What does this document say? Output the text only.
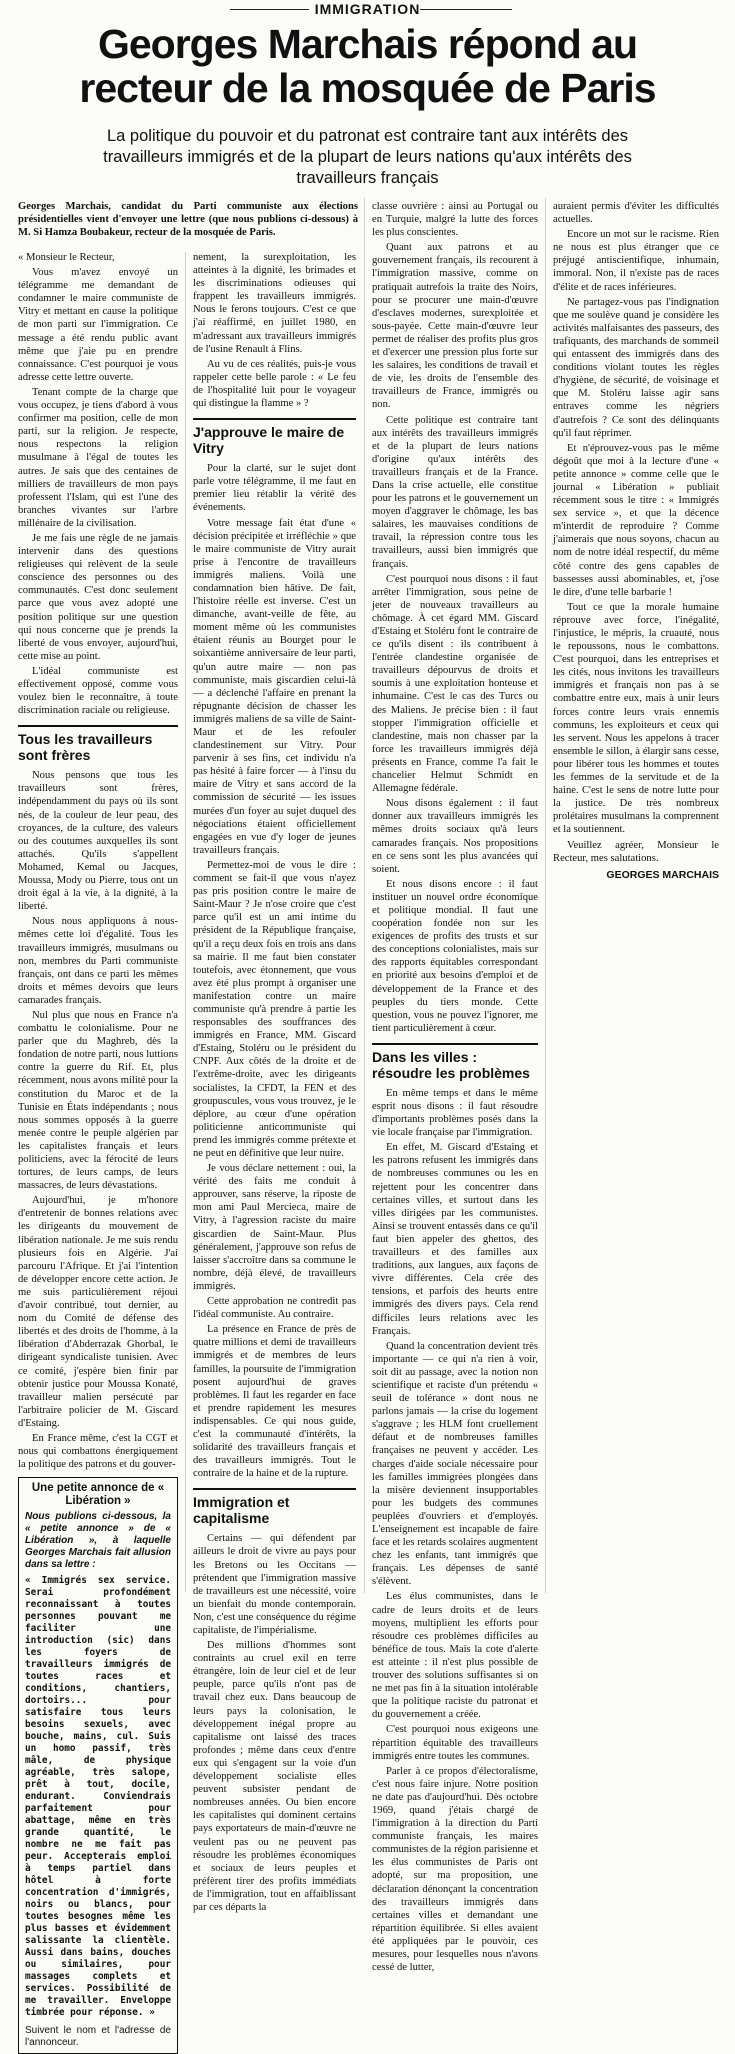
IMMIGRATION
Georges Marchais répond au recteur de la mosquée de Paris
La politique du pouvoir et du patronat est contraire tant aux intérêts des travailleurs immigrés et de la plupart de leurs nations qu'aux intérêts des travailleurs français
Georges Marchais, candidat du Parti communiste aux élections présidentielles vient d'envoyer une lettre (que nous publions ci-dessous) à M. Si Hamza Boubakeur, recteur de la mosquée de Paris.

« Monsieur le Recteur,

Vous m'avez envoyé un télégramme me demandant de condamner le maire communiste de Vitry et mettant en cause la politique de mon parti sur l'immigration. Ce message a été rendu public avant même que j'aie pu en prendre connaissance. C'est pourquoi je vous adresse cette lettre ouverte.

Tenant compte de la charge que vous occupez, je tiens d'abord à vous confirmer ma position, celle de mon parti, sur la religion. Je respecte, nous respectons la religion musulmane à l'égal de toutes les autres. Je sais que des centaines de milliers de travailleurs de mon pays professent l'Islam, qui est l'une des branches vivantes sur l'arbre millénaire de la civilisation.

Je me fais une règle de ne jamais intervenir dans des questions religieuses qui relèvent de la seule conscience des personnes ou des communautés. C'est donc seulement parce que vous avez adopté une position politique sur une question qui nous concerne que je prends la liberté de vous envoyer, aujourd'hui, cette mise au point.

L'idéal communiste est effectivement opposé, comme vous voulez bien le reconnaître, à toute discrimination raciale ou religieuse.

Tous les travailleurs sont frères

Nous pensons que tous les travailleurs sont frères, indépendamment du pays où ils sont nés, de la couleur de leur peau, des croyances, de la culture, des valeurs ou des coutumes auxquelles ils sont attachés. Qu'ils s'appellent Mohamed, Kemal ou Jacques, Moussa, Mody ou Pierre, tous ont un droit égal à la vie, à la dignité, à la liberté.

Nous nous appliquons à nous-mêmes cette loi d'égalité. Tous les travailleurs immigrés, musulmans ou non, membres du Parti communiste français, ont dans ce parti les mêmes droits et mêmes devoirs que leurs camarades français.

Nul plus que nous en France n'a combattu le colonialisme. Pour ne parler que du Maghreb, dès la fondation de notre parti, nous luttions contre la guerre du Rif. Et, plus récemment, nous avons milité pour la constitution du Maroc et de la Tunisie en États indépendants ; nous nous sommes opposés à la guerre menée contre le peuple algérien par les capitalistes français et leurs politiciens, avec la férocité de leurs tortures, de leurs camps, de leurs massacres, de leurs dévastations.

Aujourd'hui, je m'honore d'entretenir de bonnes relations avec les dirigeants du mouvement de libération nationale. Je me suis rendu plusieurs fois en Algérie. J'ai parcouru l'Afrique. Et j'ai l'intention de développer encore cette action. Je me suis particulièrement réjoui d'avoir contribué, tout dernier, au nom du Comité de défense des libertés et des droits de l'homme, à la libération d'Abderrazak Ghorbal, le dirigeant syndicaliste tunisien. Avec ce comité, j'espère bien finir par obtenir justice pour Moussa Konaté, travailleur malien persécuté par l'arbitraire policier de M. Giscard d'Estaing.

En France même, c'est la CGT et nous qui combattons énergiquement la politique des patrons et du gouver-

Une petite annonce de « Libération »
Nous publions ci-dessous, la « petite annonce » de « Libération », à laquelle Georges Marchais fait allusion dans sa lettre :
« Immigrés sex service. Serai profondément reconnaissant à toutes personnes pouvant me faciliter une introduction (sic) dans les foyers de travailleurs immigrés de toutes races et conditions, chantiers, dortoirs... pour satisfaire tous leurs besoins sexuels, avec bouche, mains, cul. Suis un homo passif, très mâle, de physique agréable, très salope, prêt à tout, docile, endurant. Conviendrais parfaitement pour abattage, même en très grande quantité, le nombre ne me fait pas peur. Accepterais emploi à temps partiel dans hôtel à forte concentration d'immigrés, noirs ou blancs, pour toutes besognes même les plus basses et évidemment salissante la clientèle. Aussi dans bains, douches ou similaires, pour massages complets et services. Possibilité de me travailler. Enveloppe timbrée pour réponse. »
Suivent le nom et l'adresse de l'annonceur.

nement, la surexploitation, les atteintes à la dignité, les brimades et les discriminations odieuses qui frappent les travailleurs immigrés. Nous le ferons toujours. C'est ce que j'ai réaffirmé, en juillet 1980, en m'adressant aux travailleurs immigrés de l'usine Renault à Flins.

Au vu de ces réalités, puis-je vous rappeler cette belle parole : « Le feu de l'hospitalité luit pour le voyageur qui distingue la flamme » ?

J'approuve le maire de Vitry

Pour la clarté, sur le sujet dont parle votre télégramme, il me faut en premier lieu rétablir la vérité des événements.

Votre message fait état d'une « décision précipitée et irréfléchie » que le maire communiste de Vitry aurait prise à l'encontre de travailleurs immigrés maliens. Voilà une condamnation bien hâtive. De fait, l'histoire réelle est inverse. C'est un dimanche, avant-veille de fête, au moment même où les communistes étaient réunis au Bourget pour le soixantième anniversaire de leur parti, qu'un autre maire — non pas communiste, mais giscardien celui-là — a déclenché l'affaire en prenant la répugnante décision de chasser les immigrés maliens de sa ville de Saint-Maur et de les refouler clandestinement sur Vitry. Pour parvenir à ses fins, cet individu n'a pas hésité à faire forcer — à l'insu du maire de Vitry et sans accord de la commission de sécurité — les issues murées d'un foyer au sujet duquel des négociations étaient officiellement engagées en vue d'y loger de jeunes travailleurs français.

Permettez-moi de vous le dire : comment se fait-il que vous n'ayez pas pris position contre le maire de Saint-Maur ? Je n'ose croire que c'est parce qu'il est un ami intime du président de la République française, qu'il a reçu deux fois en trois ans dans sa mairie. Il me faut bien constater toutefois, avec étonnement, que vous avez été plus prompt à organiser une manifestation contre un maire communiste qu'à prendre à partie les responsables des souffrances des immigrés en France, MM. Giscard d'Estaing, Stoléru ou le président du CNPF. Aux côtés de la droite et de l'extrême-droite, avec les dirigeants socialistes, la CFDT, la FEN et des groupuscules, vous vous trouvez, je le déplore, au cœur d'une opération politicienne anticommuniste qui prend les immigrés comme prétexte et ne peut en définitive que leur nuire.

Je vous déclare nettement : oui, la vérité des faits me conduit à approuver, sans réserve, la riposte de mon ami Paul Mercieca, maire de Vitry, à l'agression raciste du maire giscardien de Saint-Maur. Plus généralement, j'approuve son refus de laisser s'accroître dans sa commune le nombre, déjà élevé, de travailleurs immigrés.

Cette approbation ne contredit pas l'idéal communiste. Au contraire.

La présence en France de près de quatre millions et demi de travailleurs immigrés et de membres de leurs familles, la poursuite de l'immigration posent aujourd'hui de graves problèmes. Il faut les regarder en face et prendre rapidement les mesures indispensables. Ce qui nous guide, c'est la communauté d'intérêts, la solidarité des travailleurs français et des travailleurs immigrés. Tout le contraire de la haine et de la rupture.

Immigration et capitalisme

Certains — qui défendent par ailleurs le droit de vivre au pays pour les Bretons ou les Occitans — prétendent que l'immigration massive de travailleurs est une nécessité, voire un bienfait du monde contemporain. Non, c'est une conséquence du régime capitaliste, de l'impérialisme.

Des millions d'hommes sont contraints au cruel exil en terre étrangère, loin de leur ciel et de leur peuple, parce qu'ils n'ont pas de travail chez eux. Dans beaucoup de leurs pays la colonisation, le développement inégal propre au capitalisme ont laissé des traces profondes ; même dans ceux d'entre eux qui s'engagent sur la voie d'un développement socialiste elles peuvent subsister pendant de nombreuses années. Ou bien encore les capitalistes qui dominent certains pays exportateurs de main-d'œuvre ne veulent pas ou ne peuvent pas résoudre les problèmes économiques et sociaux de leurs peuples et préfèrent tirer des profits immédiats de l'immigration, tout en affaiblissant par ces départs la

classe ouvrière : ainsi au Portugal ou en Turquie, malgré la lutte des forces les plus conscientes.

Quant aux patrons et au gouvernement français, ils recourent à l'immigration massive, comme on pratiquait autrefois la traite des Noirs, pour se procurer une main-d'œuvre d'esclaves modernes, surexploitée et sous-payée. Cette main-d'œuvre leur permet de réaliser des profits plus gros et d'exercer une pression plus forte sur les salaires, les conditions de travail et de vie, les droits de l'ensemble des travailleurs de France, immigrés ou non.

Cette politique est contraire tant aux intérêts des travailleurs immigrés et de la plupart de leurs nations d'origine qu'aux intérêts des travailleurs français et de la France. Dans la crise actuelle, elle constitue pour les patrons et le gouvernement un moyen d'aggraver le chômage, les bas salaires, les mauvaises conditions de travail, la répression contre tous les travailleurs, aussi bien immigrés que français.

C'est pourquoi nous disons : il faut arrêter l'immigration, sous peine de jeter de nouveaux travailleurs au chômage. À cet égard MM. Giscard d'Estaing et Stoléru font le contraire de ce qu'ils disent : ils contribuent à l'entrée clandestine organisée de travailleurs dépourvus de droits et soumis à une exploitation honteuse et inhumaine. C'est le cas des Turcs ou des Maliens. Je précise bien : il faut stopper l'immigration officielle et clandestine, mais non chasser par la force les travailleurs immigrés déjà présents en France, comme l'a fait le chancelier Helmut Schmidt en Allemagne fédérale.

Nous disons également : il faut donner aux travailleurs immigrés les mêmes droits sociaux qu'à leurs camarades français. Nos propositions en ce sens sont les plus avancées qui soient.

Et nous disons encore : il faut instituer un nouvel ordre économique et politique mondial. Il faut une coopération fondée non sur les exigences de profits des trusts et sur des conceptions colonialistes, mais sur des rapports équitables correspondant en priorité aux besoins d'emploi et de développement de la France et des peuples du tiers monde. Cette question, vous ne pouvez l'ignorer, me tient particulièrement à cœur.

Dans les villes : résoudre les problèmes

En même temps et dans le même esprit nous disons : il faut résoudre d'importants problèmes posés dans la vie locale française par l'immigration.

En effet, M. Giscard d'Estaing et les patrons refusent les immigrés dans de nombreuses communes ou les en rejettent pour les concentrer dans certaines villes, et surtout dans les villes dirigées par les communistes. Ainsi se trouvent entassés dans ce qu'il faut bien appeler des ghettos, des travailleurs et des familles aux traditions, aux langues, aux façons de vivre différentes. Cela crée des tensions, et parfois des heurts entre immigrés des divers pays. Cela rend difficiles leurs relations avec les Français.

Quand la concentration devient très importante — ce qui n'a rien à voir, soit dit au passage, avec la notion non scientifique et raciste d'un prétendu « seuil de tolérance » dont nous ne parlons jamais — la crise du logement s'aggrave ; les HLM font cruellement défaut et de nombreuses familles françaises ne peuvent y accéder. Les charges d'aide sociale nécessaire pour les familles immigrées plongées dans la misère deviennent insupportables pour les budgets des communes peuplées d'ouvriers et d'employés. L'enseignement est incapable de faire face et les retards scolaires augmentent chez les enfants, tant immigrés que français. Les dépenses de santé s'élèvent.

Les élus communistes, dans le cadre de leurs droits et de leurs moyens, multiplient les efforts pour résoudre ces problèmes difficiles au bénéfice de tous. Mais la cote d'alerte est atteinte : il n'est plus possible de trouver des solutions suffisantes si on ne met pas fin à la situation intolérable que la politique raciste du patronat et du gouvernement a créée.

C'est pourquoi nous exigeons une répartition équitable des travailleurs immigrés entre toutes les communes.

Parler à ce propos d'électoralisme, c'est nous faire injure. Notre position ne date pas d'aujourd'hui. Dès octobre 1969, quand j'étais chargé de l'immigration à la direction du Parti communiste français, les maires communistes de la région parisienne et les élus communistes de Paris ont adopté, sur ma proposition, une déclaration dénonçant la concentration des travailleurs immigrés dans certaines villes et demandant une répartition équilibrée. Si elles avaient été appliquées par le pouvoir, ces mesures, pour lesquelles nous n'avons cessé de lutter,

auraient permis d'éviter les difficultés actuelles.

Encore un mot sur le racisme. Rien ne nous est plus étranger que ce préjugé antiscientifique, inhumain, immoral. Non, il n'existe pas de races d'élite et de races inférieures.

Ne partagez-vous pas l'indignation que me soulève quand je considère les activités malfaisantes des passeurs, des trafiquants, des marchands de sommeil qui entassent des immigrés dans des conditions violant toutes les règles d'hygiène, de sécurité, de voisinage et que M. Stoléru laisse agir sans entraves comme les négriers d'autrefois ? Ce sont des délinquants qu'il faut réprimer.

Et n'éprouvez-vous pas le même dégoût que moi à la lecture d'une « petite annonce » comme celle que le journal « Libération » publiait récemment sous le titre : « Immigrés sex service », et que la décence m'interdit de reproduire ? Comme j'aimerais que nous soyons, chacun au nom de notre idéal respectif, du même côté contre des gens capables de bassesses aussi abominables, et, j'ose le dire, d'une telle barbarie !

Tout ce que la morale humaine réprouve avec force, l'inégalité, l'injustice, le mépris, la cruauté, nous le repoussons, nous le combattons. C'est pourquoi, dans les entreprises et les cités, nous invitons les travailleurs immigrés et français non pas à se combattre entre eux, mais à unir leurs forces contre leurs vrais ennemis communs, les exploiteurs et ceux qui les servent. Nous les appelons à tracer ensemble le sillon, à élargir sans cesse, pour libérer tous les hommes et toutes les femmes de la servitude et de la haine. C'est le sens de notre lutte pour la justice. De très nombreux prolétaires musulmans la comprennent et la soutiennent.

Veuillez agréer, Monsieur le Recteur, mes salutations.

GEORGES MARCHAIS
